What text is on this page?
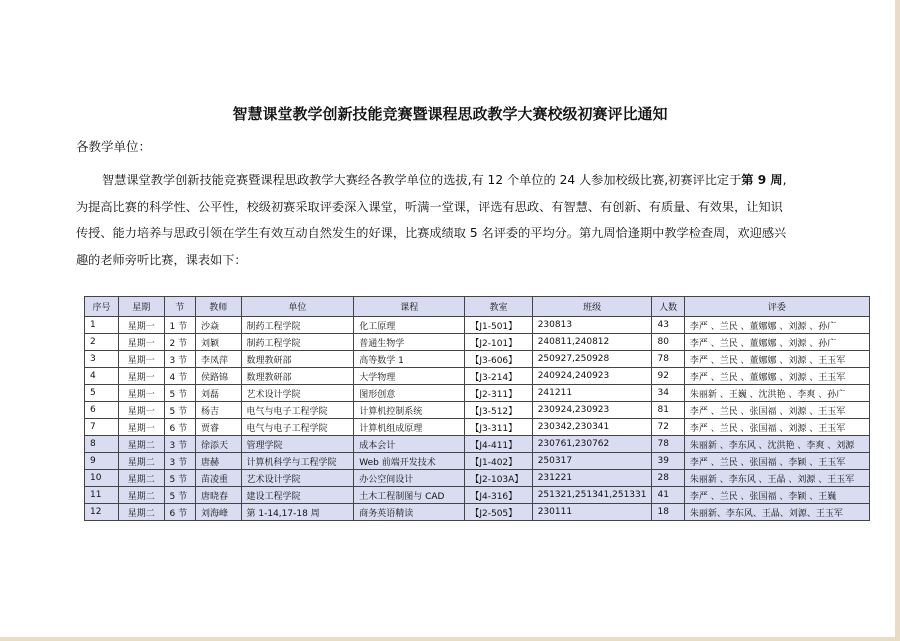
智慧课堂教学创新技能竞赛暨课程思政教学大赛校级初赛评比通知
各教学单位：

智慧课堂教学创新技能竞赛暨课程思政教学大赛经各教学单位的选拔,有 12 个单位的 24 人参加校级比赛,初赛评比定于第 9 周,

为提高比赛的科学性、公平性，校级初赛采取评委深入课堂，听满一堂课，评选有思政、有智慧、有创新、有质量、有效果，让知识

传授、能力培养与思政引领在学生有效互动自然发生的好课，比赛成绩取 5 名评委的平均分。第九周恰逢期中教学检查周，欢迎感兴

趣的老师旁听比赛，课表如下：

序号	星期	节	教师	单位	课程	教室	班级	人数	评委
1	星期一	1 节	沙焱	制药工程学院	化工原理	【J1-501】	230813	43	李严 、兰民 、董娜娜 、刘源 、孙广
2	星期一	2 节	刘颖	制药工程学院	普通生物学	【J2-101】	240811,240812	80	李严 、兰民 、董娜娜 、刘源 、孙广
3	星期一	3 节	李凤萍	数理教研部	高等数学 1	【J3-606】	250927,250928	78	李严 、兰民 、董娜娜 、刘源 、王玉军
4	星期一	4 节	侯路锦	数理教研部	大学物理	【J3-214】	240924,240923	92	李严 、兰民 、董娜娜 、刘源 、王玉军
5	星期一	5 节	刘磊	艺术设计学院	图形创意	【J2-311】	241211	34	朱丽新 、王巍 、沈洪艳 、李爽 、孙广
6	星期一	5 节	杨吉	电气与电子工程学院	计算机控制系统	【J3-512】	230924,230923	81	李严 、兰民 、张国福 、刘源 、王玉军
7	星期一	6 节	贾睿	电气与电子工程学院	计算机组成原理	【J3-311】	230342,230341	72	李严 、兰民 、张国福 、刘源 、王玉军
8	星期二	3 节	徐添天	管理学院	成本会计	【J4-411】	230761,230762	78	朱丽新 、李东风 、沈洪艳 、李爽 、刘源
9	星期二	3 节	唐赫	计算机科学与工程学院	Web 前端开发技术	【J1-402】	250317	39	李严 、兰民 、张国福 、李颖 、王玉军
10	星期二	5 节	苗凌重	艺术设计学院	办公空间设计	【J2-103A】	231221	28	朱丽新 、李东风 、王晶 、刘源 、王玉军
11	星期二	5 节	唐晓春	建设工程学院	土木工程制图与 CAD	【J4-316】	251321,251341,251331	41	李严 、兰民 、张国福 、李颖 、王巍
12	星期二	6 节	刘海峰	第 1-14,17-18 周	商务英语精读	【J2-505】	230111	18	朱丽新、李东风、王晶、刘源、王玉军
